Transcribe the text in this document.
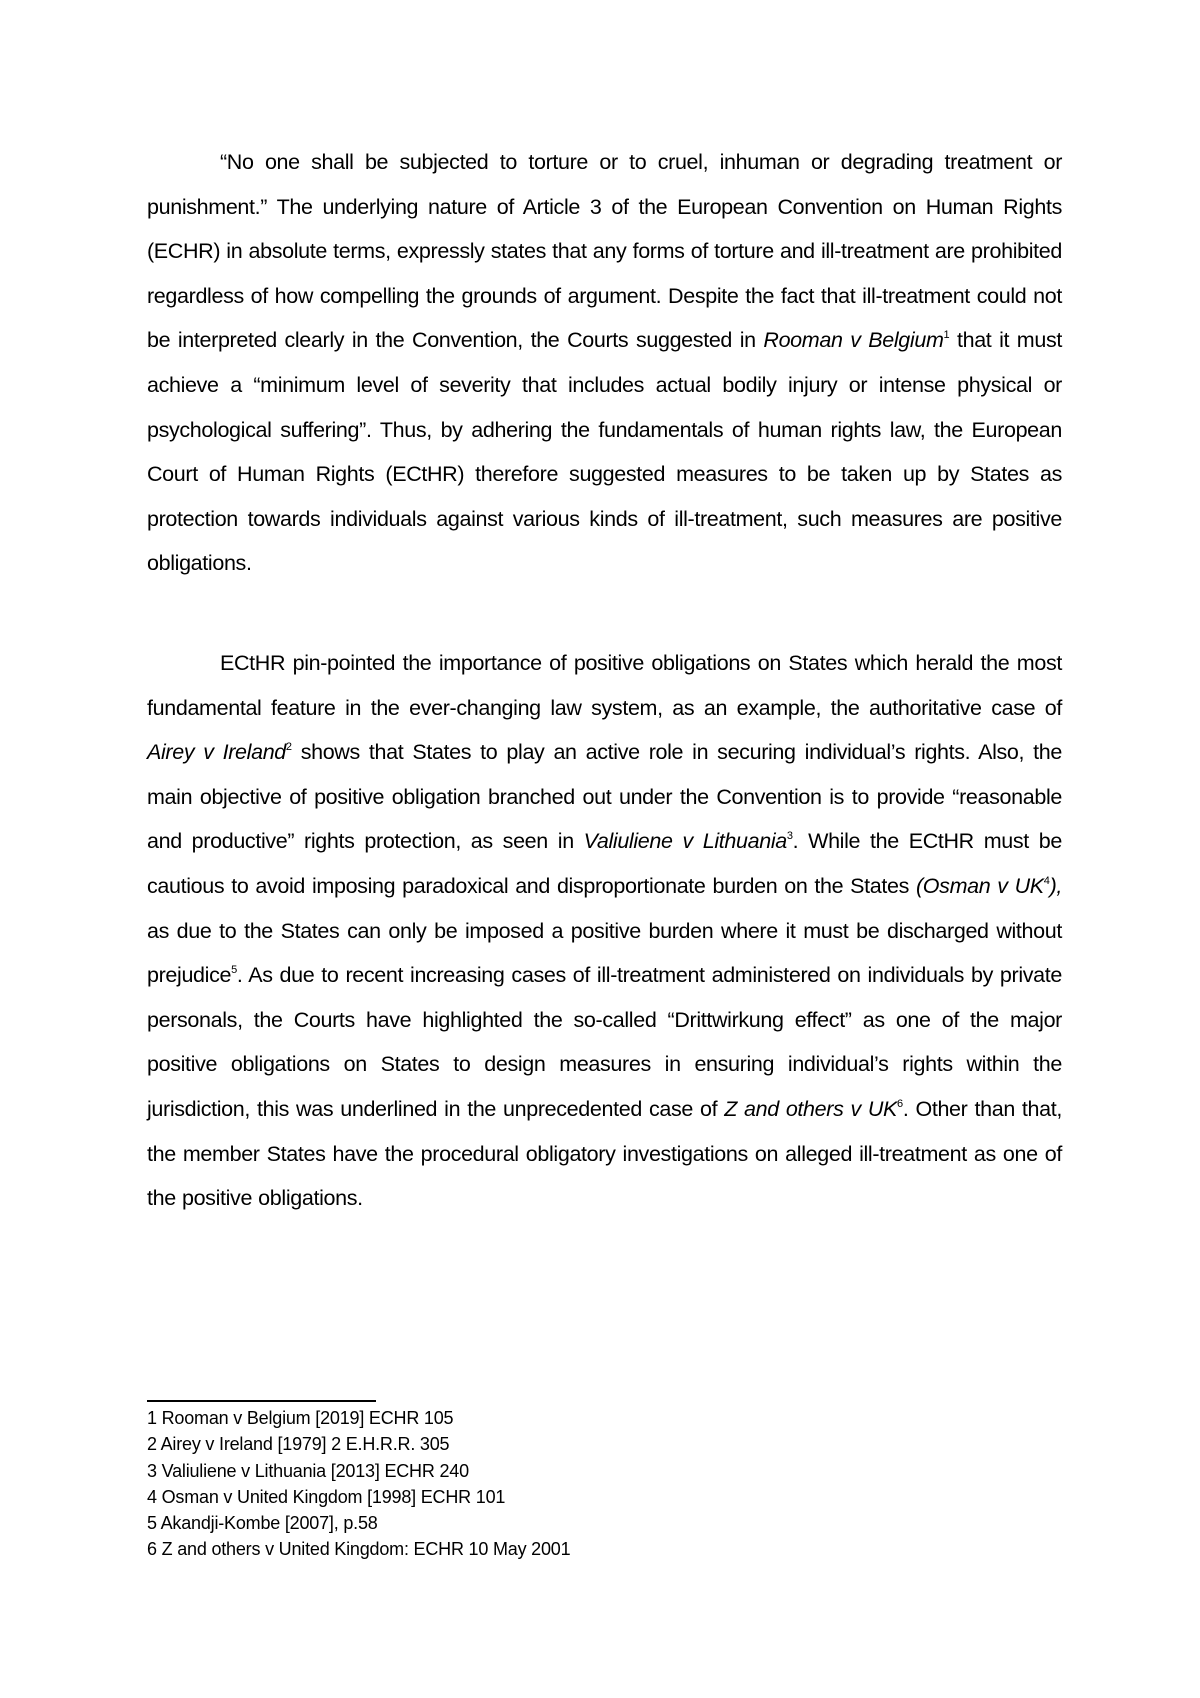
“No one shall be subjected to torture or to cruel, inhuman or degrading treatment or punishment.” The underlying nature of Article 3 of the European Convention on Human Rights (ECHR) in absolute terms, expressly states that any forms of torture and ill-treatment are prohibited regardless of how compelling the grounds of argument. Despite the fact that ill-treatment could not be interpreted clearly in the Convention, the Courts suggested in Rooman v Belgium$^1$ that it must achieve a “minimum level of severity that includes actual bodily injury or intense physical or psychological suffering”. Thus, by adhering the fundamentals of human rights law, the European Court of Human Rights (ECtHR) therefore suggested measures to be taken up by States as protection towards individuals against various kinds of ill-treatment, such measures are positive obligations.

ECtHR pin-pointed the importance of positive obligations on States which herald the most fundamental feature in the ever-changing law system, as an example, the authoritative case of Airey v Ireland$^2$ shows that States to play an active role in securing individual’s rights. Also, the main objective of positive obligation branched out under the Convention is to provide “reasonable and productive” rights protection, as seen in Valiuliene v Lithuania$^3$. While the ECtHR must be cautious to avoid imposing paradoxical and disproportionate burden on the States (Osman v $UK^4$), as due to the States can only be imposed a positive burden where it must be discharged without prejudice$^5$. As due to recent increasing cases of ill-treatment administered on individuals by private personals, the Courts have highlighted the so-called “Drittwirkung effect” as one of the major positive obligations on States to design measures in ensuring individual’s rights within the jurisdiction, this was underlined in the unprecedented case of Z and others v $UK^6$. Other than that, the member States have the procedural obligatory investigations on alleged ill-treatment as one of the positive obligations.

1 Rooman v Belgium [2019] ECHR 105
2 Airey v Ireland [1979] 2 E.H.R.R. 305
3 Valiuliene v Lithuania [2013] ECHR 240
4 Osman v United Kingdom [1998] ECHR 101
5 Akandji-Kombe [2007], p.58
6 Z and others v United Kingdom: ECHR 10 May 2001
